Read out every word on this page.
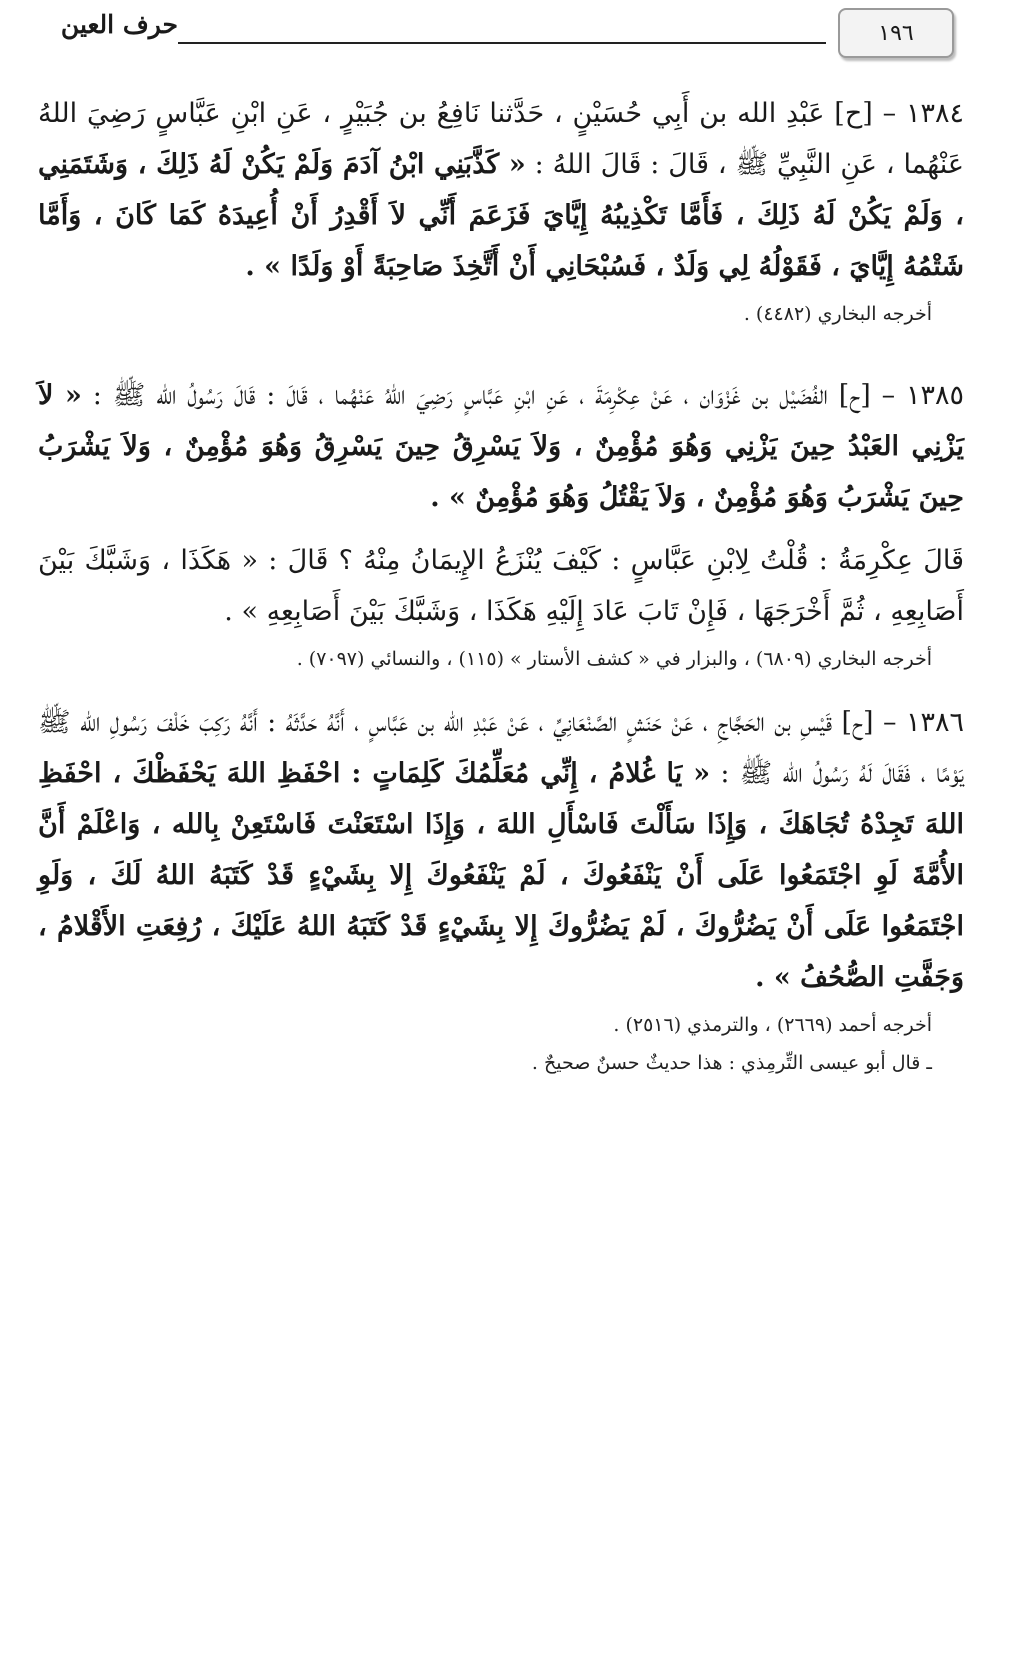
١٩٦
حرف العين

١٣٨٤ – [ح] عَبْدِ الله بن أَبِي حُسَيْنٍ ، حَدَّثنا نَافِعُ بن جُبَيْرٍ ، عَنِ ابْنِ عَبَّاسٍ رَضِيَ اللهُ عَنْهُما ، عَنِ النَّبِيِّ ﷺ ، قَالَ : قَالَ اللهُ : « كَذَّبَنِي ابْنُ آدَمَ وَلَمْ يَكُنْ لَهُ ذَلِكَ ، وَشَتَمَنِي ، وَلَمْ يَكُنْ لَهُ ذَلِكَ ، فَأَمَّا تَكْذِيبُهُ إِيَّايَ فَزَعَمَ أَنِّي لاَ أَقْدِرُ أَنْ أُعِيدَهُ كَمَا كَانَ ، وَأَمَّا شَتْمُهُ إِيَّايَ ، فَقَوْلُهُ لِي وَلَدٌ ، فَسُبْحَانِي أَنْ أَتَّخِذَ صَاحِبَةً أَوْ وَلَدًا » .

أخرجه البخاري (٤٤٨٢) .

١٣٨٥ – [ح] الفُضَيْل بن غَزْوَان ، عَنْ عِكْرِمَةَ ، عَنِ ابْنِ عَبَّاسٍ رَضِيَ اللهُ عَنْهُما ، قَالَ : قَالَ رَسُولُ الله ﷺ : « لاَ يَزْنِي العَبْدُ حِينَ يَزْنِي وَهُوَ مُؤْمِنٌ ، وَلاَ يَسْرِقُ حِينَ يَسْرِقُ وَهُوَ مُؤْمِنٌ ، وَلاَ يَشْرَبُ حِينَ يَشْرَبُ وَهُوَ مُؤْمِنٌ ، وَلاَ يَقْتُلُ وَهُوَ مُؤْمِنٌ » .

قَالَ عِكْرِمَةُ : قُلْتُ لِابْنِ عَبَّاسٍ : كَيْفَ يُنْزَعُ الإِيمَانُ مِنْهُ ؟ قَالَ : « هَكَذَا ، وَشَبَّكَ بَيْنَ أَصَابِعِهِ ، ثُمَّ أَخْرَجَهَا ، فَإِنْ تَابَ عَادَ إِلَيْهِ هَكَذَا ، وَشَبَّكَ بَيْنَ أَصَابِعِهِ » .

أخرجه البخاري (٦٨٠٩) ، والبزار في « كشف الأستار » (١١٥) ، والنسائي (٧٠٩٧) .

١٣٨٦ – [ح] قَيْسِ بن الحَجَّاجِ ، عَنْ حَنَشٍ الصَّنْعَانِيِّ ، عَنْ عَبْدِ الله بن عَبَّاسٍ ، أَنَّهُ حَدَّثَهُ : أَنَّهُ رَكِبَ خَلْفَ رَسُولِ الله ﷺ يَوْمًا ، فَقَالَ لَهُ رَسُولُ الله ﷺ : « يَا غُلامُ ، إِنِّي مُعَلِّمُكَ كَلِمَاتٍ : احْفَظِ اللهَ يَحْفَظْكَ ، احْفَظِ اللهَ تَجِدْهُ تُجَاهَكَ ، وَإِذَا سَأَلْتَ فَاسْأَلِ اللهَ ، وَإِذَا اسْتَعَنْتَ فَاسْتَعِنْ بِالله ، وَاعْلَمْ أَنَّ الأُمَّةَ لَوِ اجْتَمَعُوا عَلَى أَنْ يَنْفَعُوكَ ، لَمْ يَنْفَعُوكَ إِلا بِشَيْءٍ قَدْ كَتَبَهُ اللهُ لَكَ ، وَلَوِ اجْتَمَعُوا عَلَى أَنْ يَضُرُّوكَ ، لَمْ يَضُرُّوكَ إِلا بِشَيْءٍ قَدْ كَتَبَهُ اللهُ عَلَيْكَ ، رُفِعَتِ الأَقْلامُ ، وَجَفَّتِ الصُّحُفُ » .

أخرجه أحمد (٢٦٦٩) ، والترمذي (٢٥١٦) .

ـ قال أبو عيسى التِّرمِذي : هذا حديثٌ حسنٌ صحيحٌ .
